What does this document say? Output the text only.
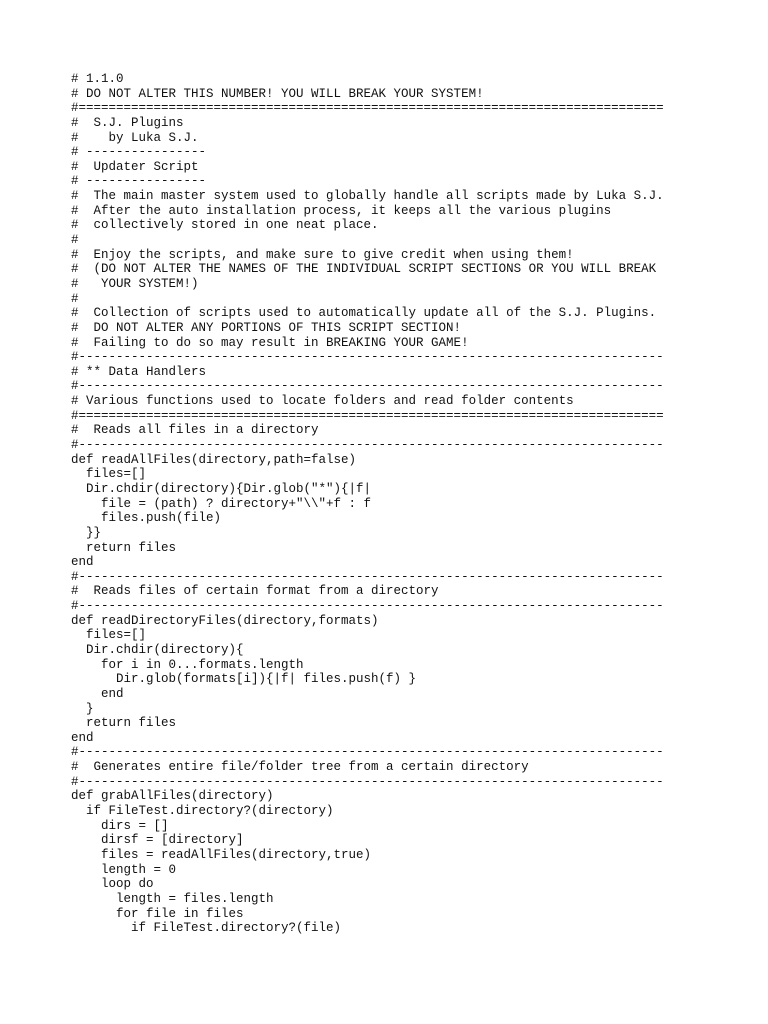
# 1.1.0
# DO NOT ALTER THIS NUMBER! YOU WILL BREAK YOUR SYSTEM!
#==============================================================================
#  S.J. Plugins
#    by Luka S.J.
# ----------------
#  Updater Script
# ----------------
#  The main master system used to globally handle all scripts made by Luka S.J.
#  After the auto installation process, it keeps all the various plugins
#  collectively stored in one neat place.
#
#  Enjoy the scripts, and make sure to give credit when using them!
#  (DO NOT ALTER THE NAMES OF THE INDIVIDUAL SCRIPT SECTIONS OR YOU WILL BREAK
#   YOUR SYSTEM!)
#
#  Collection of scripts used to automatically update all of the S.J. Plugins.
#  DO NOT ALTER ANY PORTIONS OF THIS SCRIPT SECTION!
#  Failing to do so may result in BREAKING YOUR GAME!
#------------------------------------------------------------------------------
# ** Data Handlers
#------------------------------------------------------------------------------
# Various functions used to locate folders and read folder contents
#==============================================================================
#  Reads all files in a directory
#------------------------------------------------------------------------------
def readAllFiles(directory,path=false)
files=[]
Dir.chdir(directory){Dir.glob("*"){|f|
file = (path) ? directory+"\\"+f : f
files.push(file)
}}
return files
end
#------------------------------------------------------------------------------
#  Reads files of certain format from a directory
#------------------------------------------------------------------------------
def readDirectoryFiles(directory,formats)
files=[]
Dir.chdir(directory){
for i in 0...formats.length
Dir.glob(formats[i]){|f| files.push(f) }
end
}
return files
end
#------------------------------------------------------------------------------
#  Generates entire file/folder tree from a certain directory
#------------------------------------------------------------------------------
def grabAllFiles(directory)
if FileTest.directory?(directory)
dirs = []
dirsf = [directory]
files = readAllFiles(directory,true)
length = 0
loop do
length = files.length
for file in files
if FileTest.directory?(file)
